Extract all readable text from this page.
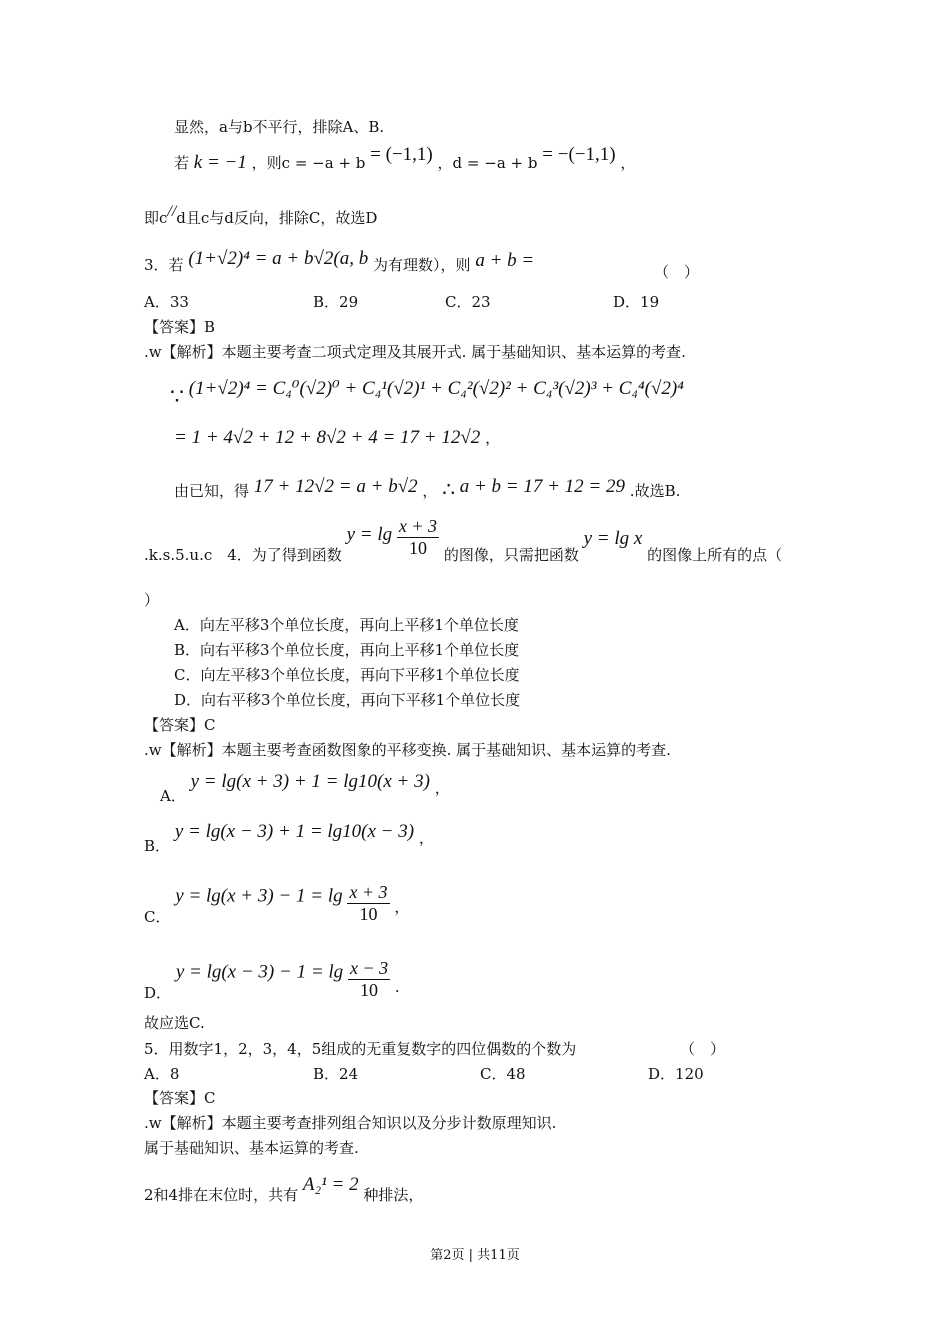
显然，a与b不平行，排除A、B.
若 k = −1 ，则c = −a + b = (−1,1) ，d = −a + b = −(−1,1) ，
即c//d且c与d反向，排除C，故选D
3．若 (1+√2)⁴ = a + b√2(a, b 为有理数），则 a + b =
（　）
A．33	B．29	C．23	D．19
【答案】B
.w【解析】本题主要考查二项式定理及其展开式. 属于基础知识、基本运算的考查.
∵ (1+√2)⁴ = C₄⁰(√2)⁰ + C₄¹(√2)¹ + C₄²(√2)² + C₄³(√2)³ + C₄⁴(√2)⁴
= 1 + 4√2 + 12 + 8√2 + 4 = 17 + 12√2 ，
由已知，得 17 + 12√2 = a + b√2 ， ∴ a + b = 17 + 12 = 29 .故选B.
.k.s.5.u.c　4．为了得到函数 $y = \lg \frac{x + 3}{10}$ 的图像，只需把函数 y = lg x 的图像上所有的点（
）
A．向左平移3个单位长度，再向上平移1个单位长度
B．向右平移3个单位长度，再向上平移1个单位长度
C．向左平移3个单位长度，再向下平移1个单位长度
D．向右平移3个单位长度，再向下平移1个单位长度
【答案】C
.w【解析】本题主要考查函数图象的平移变换. 属于基础知识、基本运算的考查.
A． y = lg(x + 3) + 1 = lg10(x + 3) ，
B． y = lg(x − 3) + 1 = lg10(x − 3) ，
C． $y = \lg(x + 3) - 1 = \lg \frac{x + 3}{10}$ ，
D． $y = \lg(x - 3) - 1 = \lg \frac{x - 3}{10}$ .
故应选C.
5．用数字1，2，3，4，5组成的无重复数字的四位偶数的个数为	（　）
A．8	B．24	C．48	D．120
【答案】C
.w【解析】本题主要考查排列组合知识以及分步计数原理知识.
属于基础知识、基本运算的考查.
2和4排在末位时，共有 A₂¹ = 2 种排法，
第2页 | 共11页
